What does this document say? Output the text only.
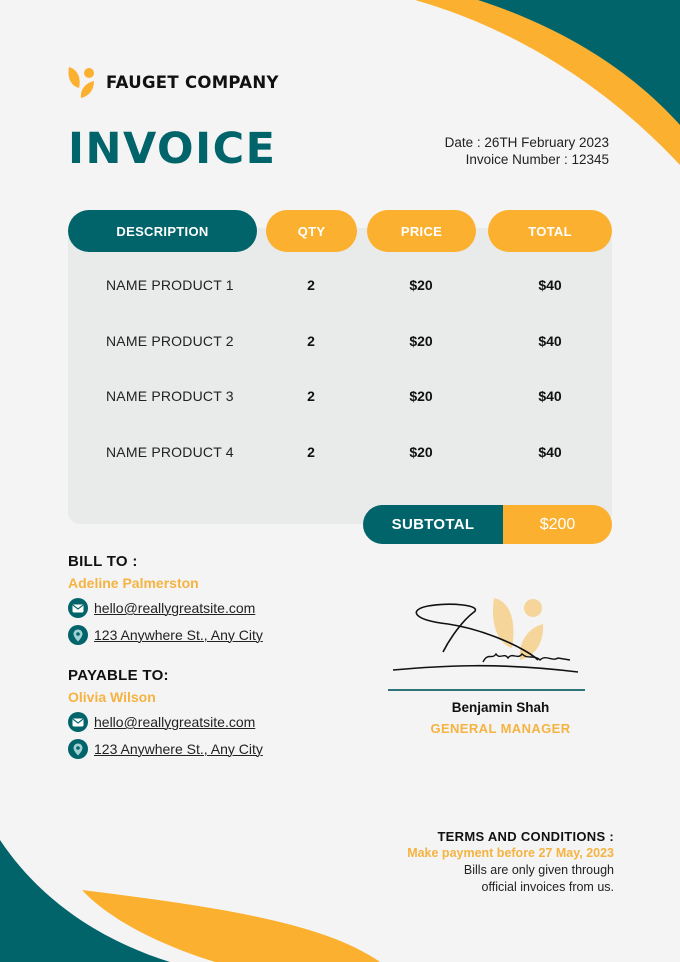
FAUGET COMPANY
INVOICE	Date : 26TH February 2023
Invoice Number : 12345
DESCRIPTION	QTY	PRICE	TOTAL
NAME PRODUCT 1	2	$20	$40
NAME PRODUCT 2	2	$20	$40
NAME PRODUCT 3	2	$20	$40
NAME PRODUCT 4	2	$20	$40
SUBTOTAL	$200
BILL TO :
Adeline Palmerston
hello@reallygreatsite.com
123 Anywhere St., Any City
PAYABLE TO:
Olivia Wilson
hello@reallygreatsite.com
123 Anywhere St., Any City
Benjamin Shah
GENERAL MANAGER
TERMS AND CONDITIONS :
Make payment before 27 May, 2023
Bills are only given through
official invoices from us.
